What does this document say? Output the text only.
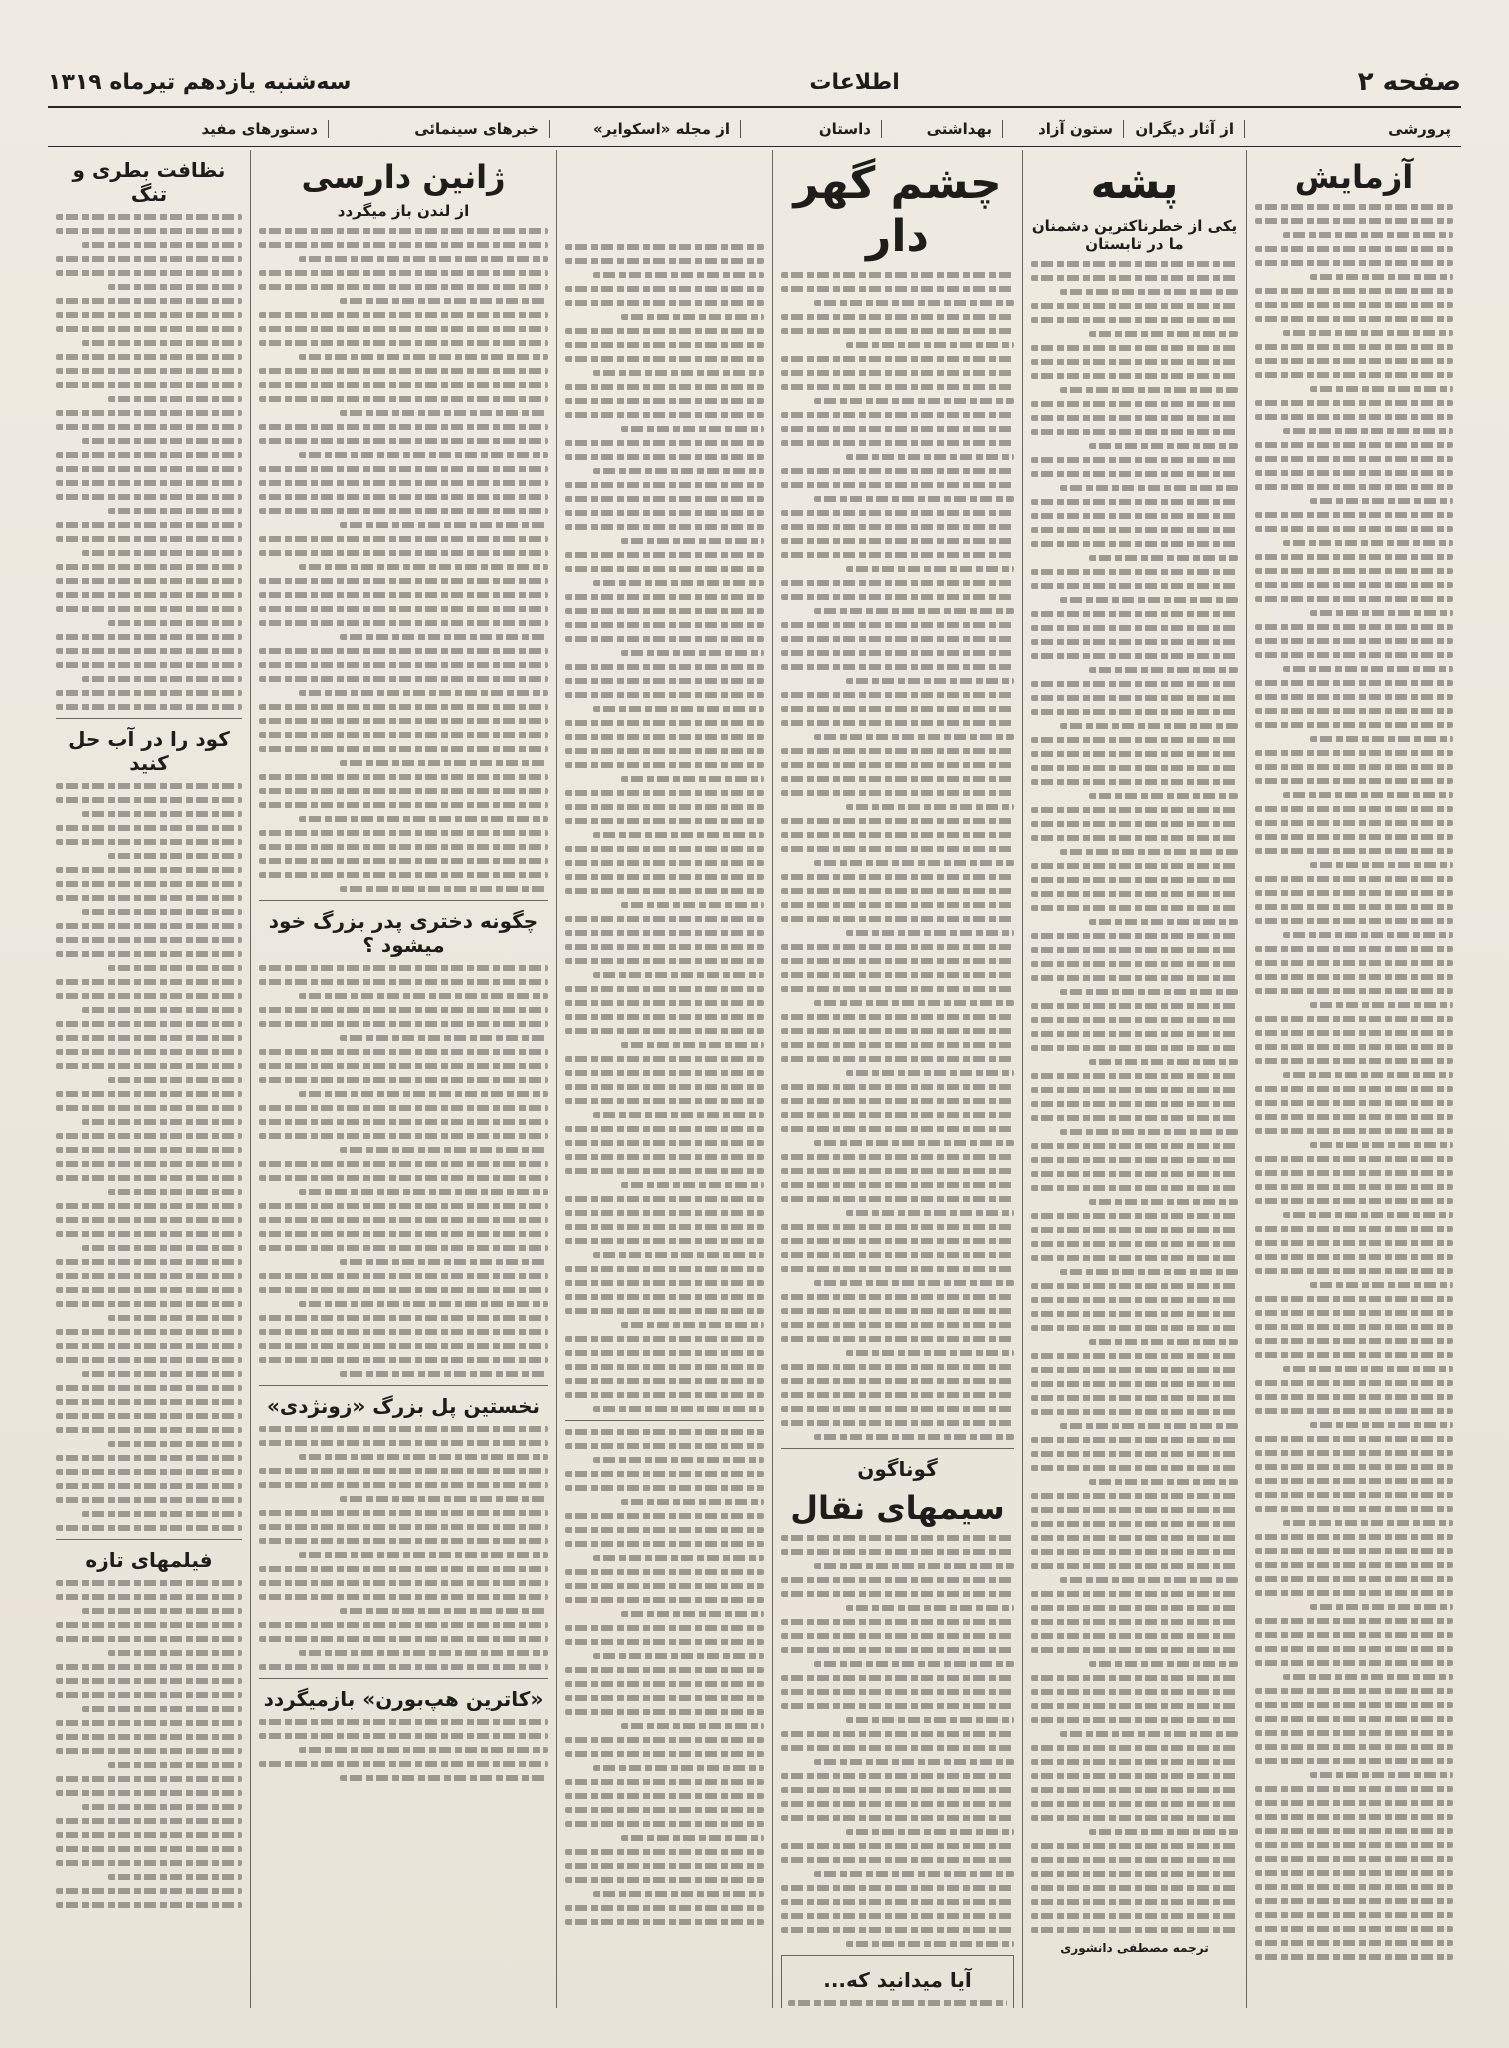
صفحه ۲
اطلاعات
سه‌شنبه یازدهم تیرماه ۱۳۱۹
پرورشی
از آثار دیگران
ستون آزاد
بهداشتی
داستان
از مجله «اسکوایر»
خبرهای سینمائی
دستورهای مفید
آزمایش
پشه
یکی از خطرناکترین دشمنان ما در تابستان
ترجمه مصطفی دانشوری
چشم گهر دار
گوناگون
سیمهای نقال
آیا میدانید که...
ژانین دارسی
از لندن باز میگردد
چگونه دختری پدر بزرگ خود میشود ؟
نخستین پل بزرگ «زونژدی»
«کاترین هپ‌بورن» بازمیگردد
نظافت بطری و تنگ
کود را در آب حل کنید
فیلمهای تازه
